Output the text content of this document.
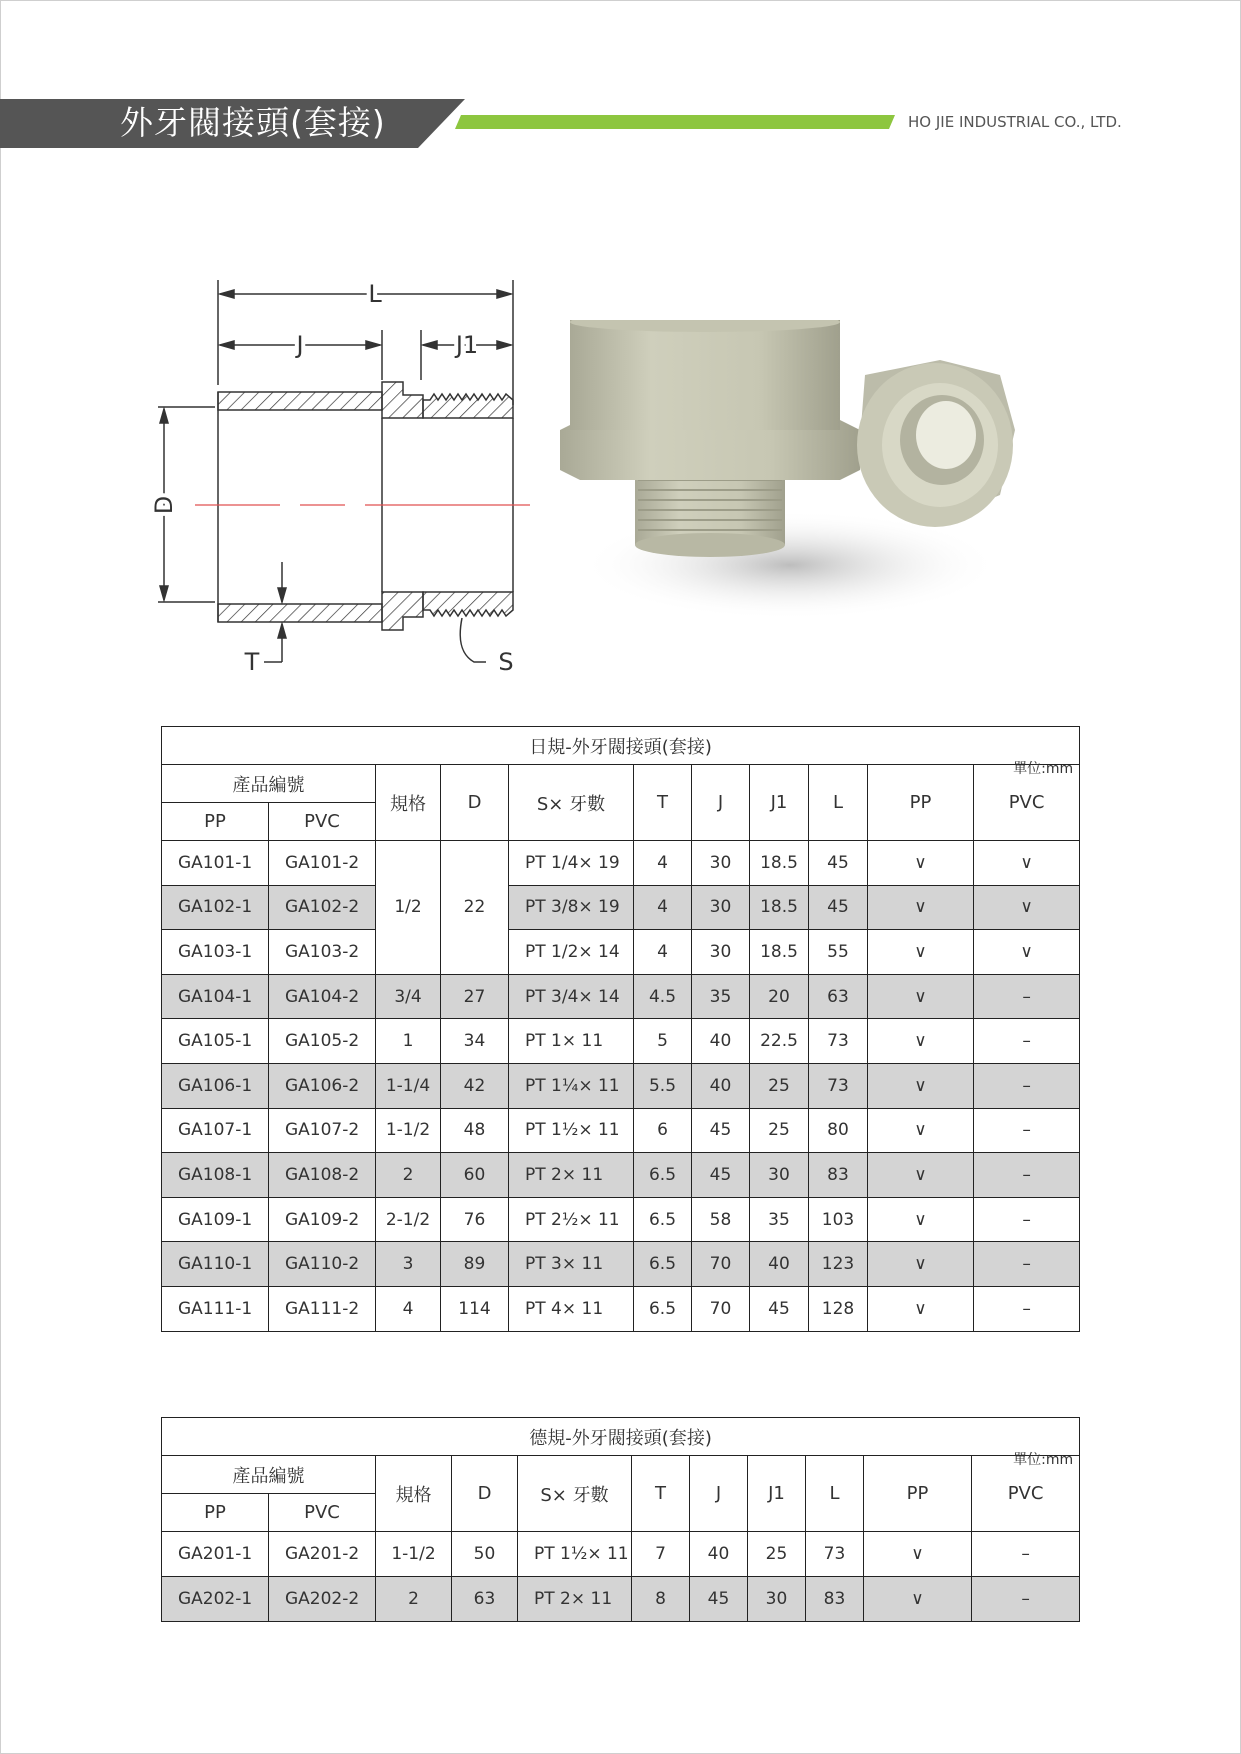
外牙閥接頭(套接)	HO JIE INDUSTRIAL CO., LTD.
L
J	J1
D
T	S
日規-外牙閥接頭(套接)
單位:mm										

產品編號		規格	D	S× 牙數	T	J	J1	L	PP	PVC
PP	PVC									
GA101-1	GA101-2	1/2	22	PT 1/4× 19	4	30	18.5	45	∨	∨
GA102-1	GA102-2			PT 3/8× 19	4	30	18.5	45	∨	∨
GA103-1	GA103-2			PT 1/2× 14	4	30	18.5	55	∨	∨
GA104-1	GA104-2	3/4	27	PT 3/4× 14	4.5	35	20	63	∨	–
GA105-1	GA105-2	1	34	PT 1× 11	5	40	22.5	73	∨	–
GA106-1	GA106-2	1-1/4	42	PT 1¼× 11	5.5	40	25	73	∨	–
GA107-1	GA107-2	1-1/2	48	PT 1½× 11	6	45	25	80	∨	–
GA108-1	GA108-2	2	60	PT 2× 11	6.5	45	30	83	∨	–
GA109-1	GA109-2	2-1/2	76	PT 2½× 11	6.5	58	35	103	∨	–
GA110-1	GA110-2	3	89	PT 3× 11	6.5	70	40	123	∨	–
GA111-1	GA111-2	4	114	PT 4× 11	6.5	70	45	128	∨	–
德規-外牙閥接頭(套接)
單位:mm										

產品編號		規格	D	S× 牙數	T	J	J1	L	PP	PVC
PP	PVC									
GA201-1	GA201-2	1-1/2	50	PT 1½× 11	7	40	25	73	∨	–
GA202-1	GA202-2	2	63	PT 2× 11	8	45	30	83	∨	–
